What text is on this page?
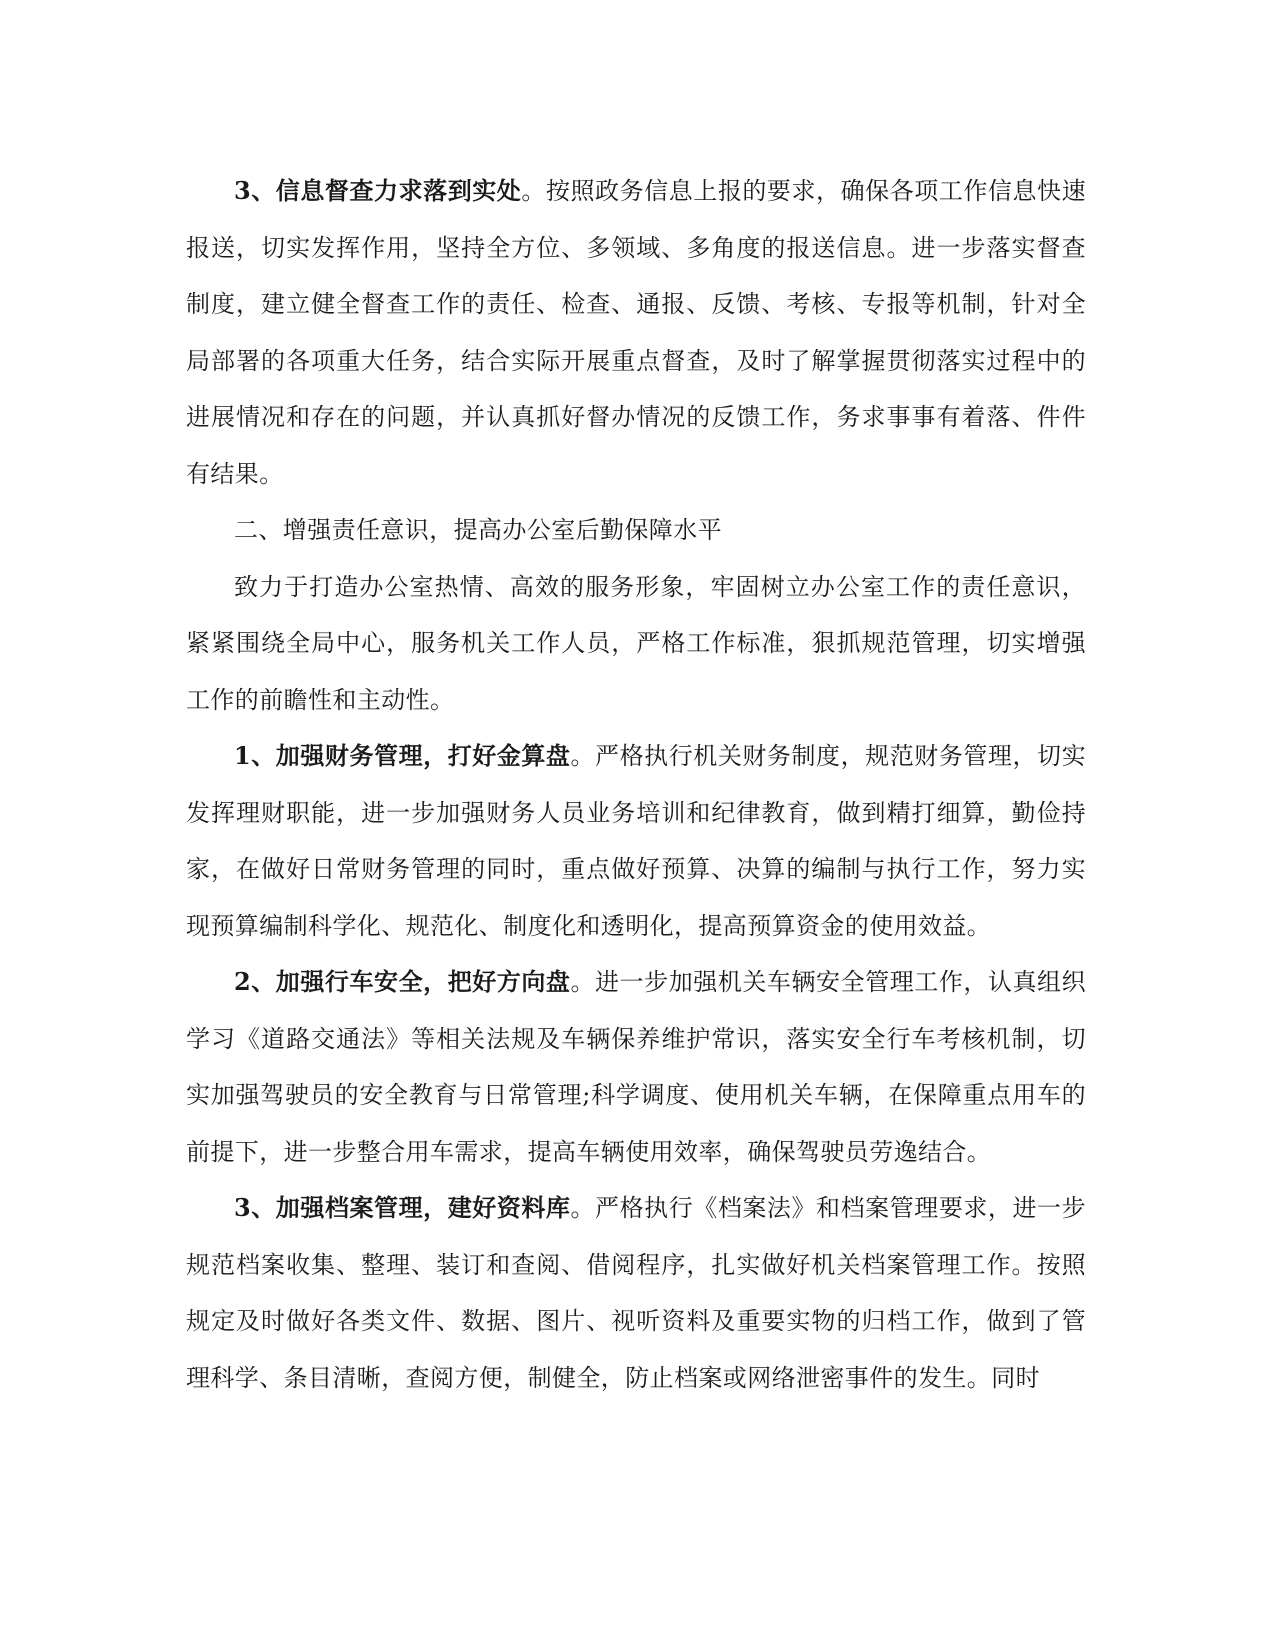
3、信息督查力求落到实处。按照政务信息上报的要求，确保各项工作信息快速报送，切实发挥作用，坚持全方位、多领域、多角度的报送信息。进一步落实督查制度，建立健全督查工作的责任、检查、通报、反馈、考核、专报等机制，针对全局部署的各项重大任务，结合实际开展重点督查，及时了解掌握贯彻落实过程中的进展情况和存在的问题，并认真抓好督办情况的反馈工作，务求事事有着落、件件有结果。

二、增强责任意识，提高办公室后勤保障水平

致力于打造办公室热情、高效的服务形象，牢固树立办公室工作的责任意识，紧紧围绕全局中心，服务机关工作人员，严格工作标准，狠抓规范管理，切实增强工作的前瞻性和主动性。

1、加强财务管理，打好金算盘。严格执行机关财务制度，规范财务管理，切实发挥理财职能，进一步加强财务人员业务培训和纪律教育，做到精打细算，勤俭持家，在做好日常财务管理的同时，重点做好预算、决算的编制与执行工作，努力实现预算编制科学化、规范化、制度化和透明化，提高预算资金的使用效益。

2、加强行车安全，把好方向盘。进一步加强机关车辆安全管理工作，认真组织学习《道路交通法》等相关法规及车辆保养维护常识，落实安全行车考核机制，切实加强驾驶员的安全教育与日常管理;科学调度、使用机关车辆，在保障重点用车的前提下，进一步整合用车需求，提高车辆使用效率，确保驾驶员劳逸结合。

3、加强档案管理，建好资料库。严格执行《档案法》和档案管理要求，进一步规范档案收集、整理、装订和查阅、借阅程序，扎实做好机关档案管理工作。按照规定及时做好各类文件、数据、图片、视听资料及重要实物的归档工作，做到了管理科学、条目清晰，查阅方便，制健全，防止档案或网络泄密事件的发生。同时
